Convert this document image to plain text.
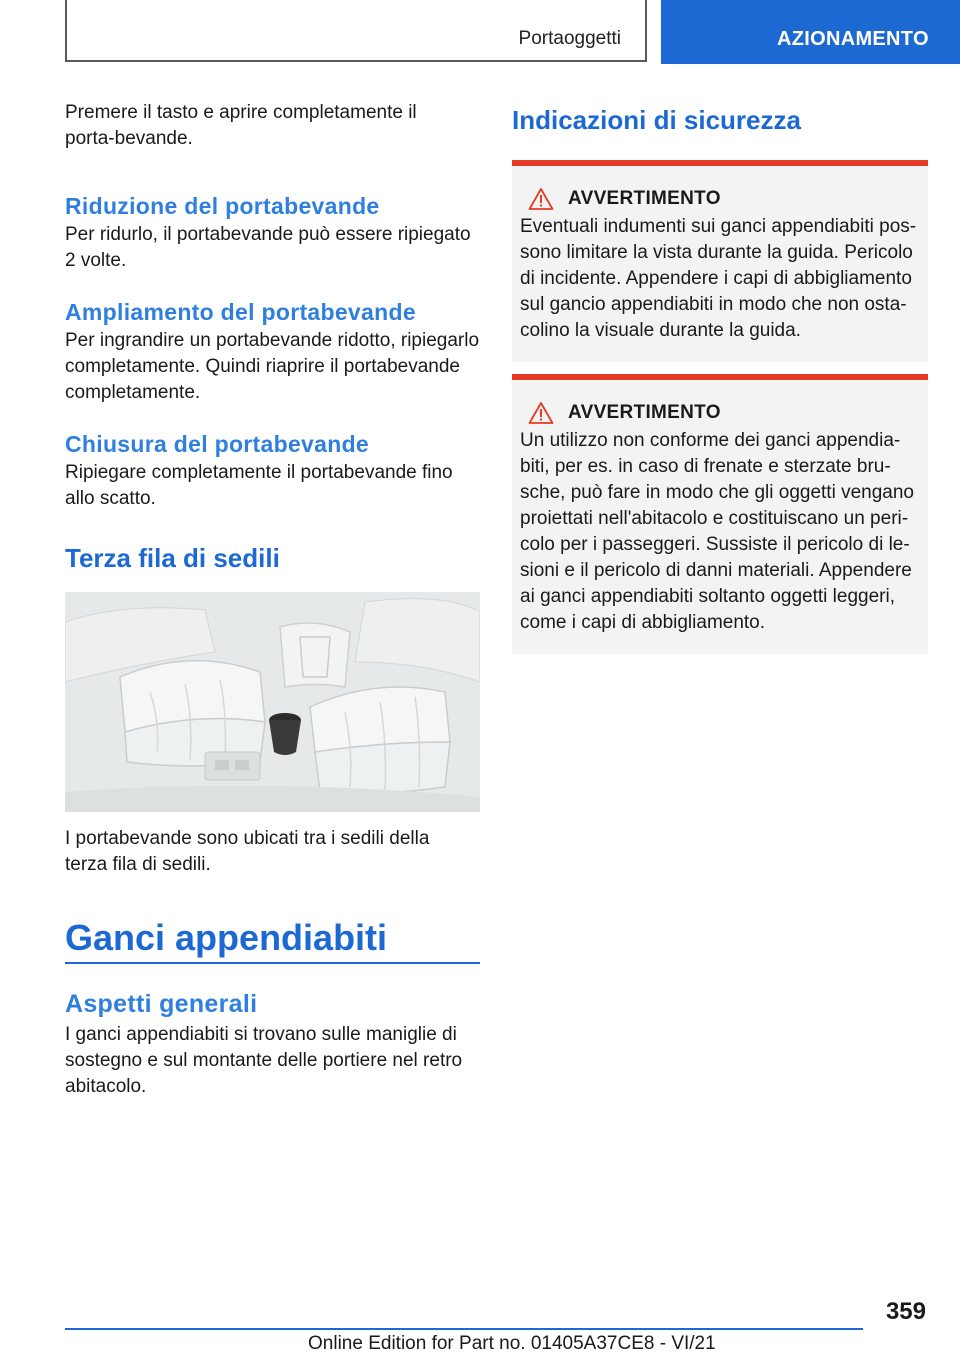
Portaoggetti	AZIONAMENTO

Premere il tasto e aprire completamente il porta-bevande.

Riduzione del portabevande

Per ridurlo, il portabevande può essere ripiegato 2 volte.

Ampliamento del portabevande

Per ingrandire un portabevande ridotto, ripiegarlo completamente. Quindi riaprire il portabevande completamente.

Chiusura del portabevande

Ripiegare completamente il portabevande fino allo scatto.

Terza fila di sedili

I portabevande sono ubicati tra i sedili della terza fila di sedili.

Ganci appendiabiti
Aspetti generali

I ganci appendiabiti si trovano sulle maniglie di sostegno e sul montante delle portiere nel retro abitacolo.

Indicazioni di sicurezza
AVVERTIMENTO

Eventuali indumenti sui ganci appendiabiti pos-sono limitare la vista durante la guida. Pericolo di incidente. Appendere i capi di abbigliamento sul gancio appendiabiti in modo che non osta-colino la visuale durante la guida.

AVVERTIMENTO

Un utilizzo non conforme dei ganci appendia-biti, per es. in caso di frenate e sterzate bru-sche, può fare in modo che gli oggetti vengano proiettati nell'abitacolo e costituiscano un peri-colo per i passeggeri. Sussiste il pericolo di le-sioni e il pericolo di danni materiali. Appendere ai ganci appendiabiti soltanto oggetti leggeri, come i capi di abbigliamento.

359
Online Edition for Part no. 01405A37CE8 - VI/21
